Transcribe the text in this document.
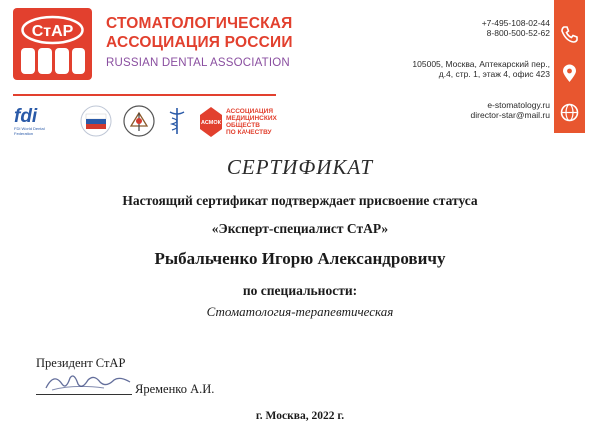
СтАР СТОМАТОЛОГИЧЕСКАЯ
АССОЦИАЦИЯ РОССИИ
RUSSIAN DENTAL ASSOCIATION
fdi
FDI World Dental Federation
АСМОК
АССОЦИАЦИЯ
МЕДИЦИНСКИХ
ОБЩЕСТВ
ПО КАЧЕСТВУ
+7-495-108-02-44
8-800-500-52-62
105005, Москва, Аптекарский пер.,
д.4, стр. 1, этаж 4, офис 423
e-stomatology.ru
director-star@mail.ru
СЕРТИФИКАТ
Настоящий сертификат подтверждает присвоение статуса
«Эксперт-специалист СтАР»
Рыбальченко Игорю Александровичу
по специальности:
Стоматология-терапевтическая
Президент СтАР
Яременко А.И.
г. Москва, 2022 г.
